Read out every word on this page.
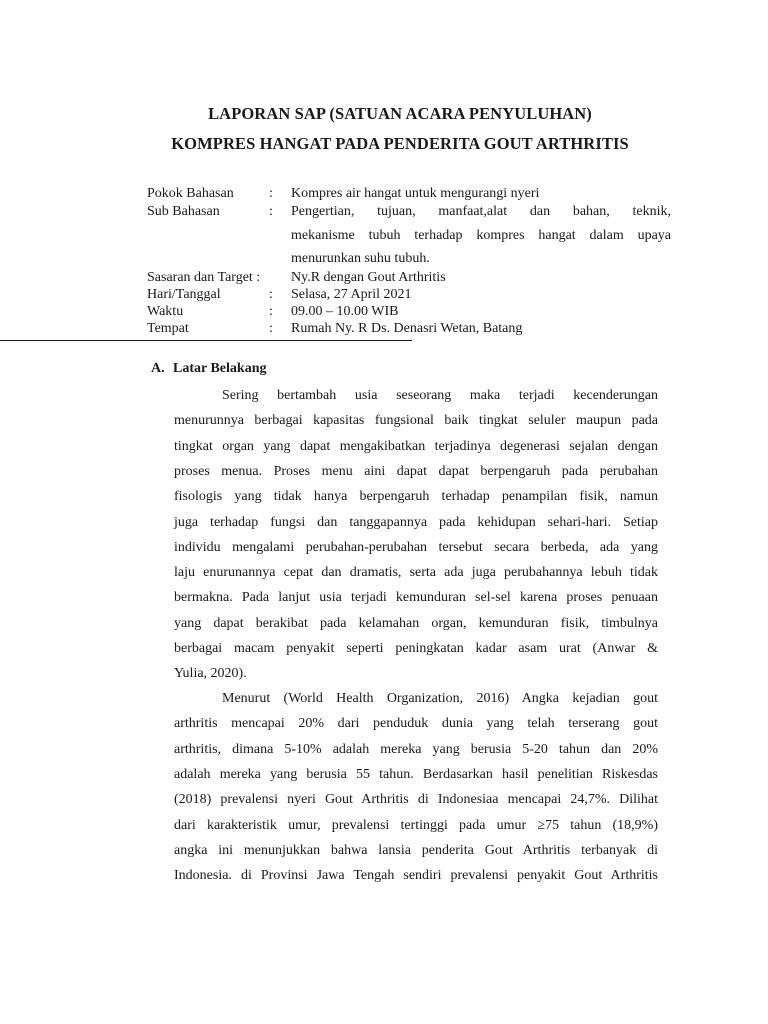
LAPORAN SAP (SATUAN ACARA PENYULUHAN)
KOMPRES HANGAT PADA PENDERITA GOUT ARTHRITIS
Pokok Bahasan	: Kompres air hangat untuk mengurangi nyeri
Sub Bahasan	: Pengertian, tujuan, manfaat,alat dan bahan, teknik,
mekanisme tubuh terhadap kompres hangat dalam upaya
menurunkan suhu tubuh.
Sasaran dan Target :	Ny.R dengan Gout Arthritis
Hari/Tanggal	: Selasa, 27 April 2021
Waktu	: 09.00 – 10.00 WIB
Tempat	: Rumah Ny. R Ds. Denasri Wetan, Batang
A. Latar Belakang
Sering bertambah usia seseorang maka terjadi kecenderungan
menurunnya berbagai kapasitas fungsional baik tingkat seluler maupun pada
tingkat organ yang dapat mengakibatkan terjadinya degenerasi sejalan dengan
proses menua. Proses menu aini dapat dapat berpengaruh pada perubahan
fisologis yang tidak hanya berpengaruh terhadap penampilan fisik, namun
juga terhadap fungsi dan tanggapannya pada kehidupan sehari-hari. Setiap
individu mengalami perubahan-perubahan tersebut secara berbeda, ada yang
laju enurunannya cepat dan dramatis, serta ada juga perubahannya lebuh tidak
bermakna. Pada lanjut usia terjadi kemunduran sel-sel karena proses penuaan
yang dapat berakibat pada kelamahan organ, kemunduran fisik, timbulnya
berbagai macam penyakit seperti peningkatan kadar asam urat (Anwar &
Yulia, 2020).
Menurut (World Health Organization, 2016) Angka kejadian gout
arthritis mencapai 20% dari penduduk dunia yang telah terserang gout
arthritis, dimana 5-10% adalah mereka yang berusia 5-20 tahun dan 20%
adalah mereka yang berusia 55 tahun. Berdasarkan hasil penelitian Riskesdas
(2018) prevalensi nyeri Gout Arthritis di Indonesiaa mencapai 24,7%. Dilihat
dari karakteristik umur, prevalensi tertinggi pada umur ≥75 tahun (18,9%)
angka ini menunjukkan bahwa lansia penderita Gout Arthritis terbanyak di
Indonesia. di Provinsi Jawa Tengah sendiri prevalensi penyakit Gout Arthritis
